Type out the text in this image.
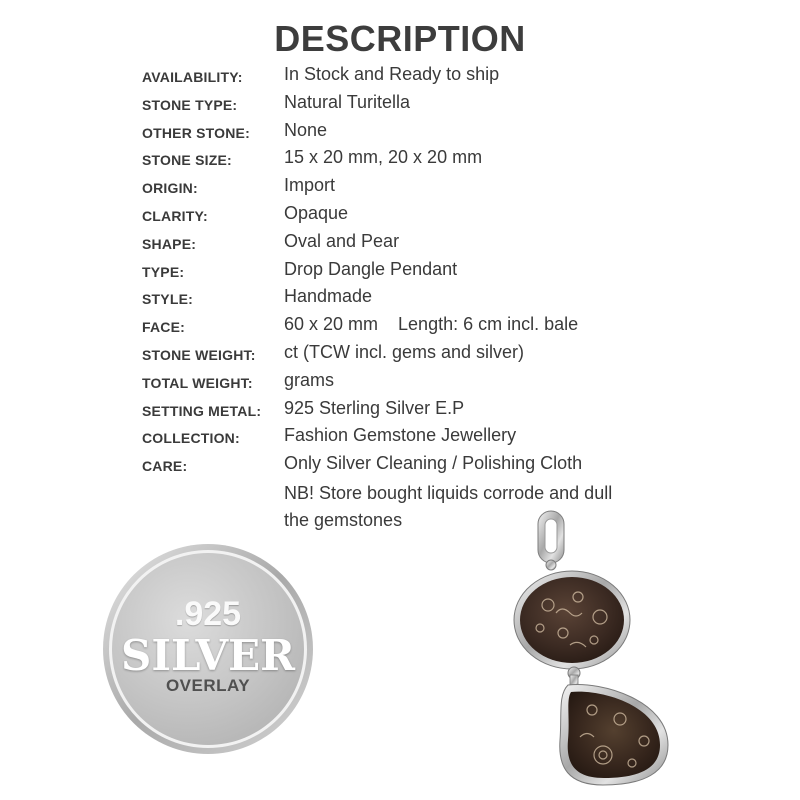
DESCRIPTION
AVAILABILITY: In Stock and Ready to ship
STONE TYPE:	Natural Turitella
OTHER STONE: None
STONE SIZE:	15 x 20 mm, 20 x 20 mm
ORIGIN:	Import
CLARITY:	Opaque
SHAPE:	Oval and Pear
TYPE:	Drop Dangle Pendant
STYLE:	Handmade
FACE:	60 x 20 mm    Length: 6 cm incl. bale
STONE WEIGHT: ct (TCW incl. gems and silver)
TOTAL WEIGHT: grams
SETTING METAL: 925 Sterling Silver E.P
COLLECTION: Fashion Gemstone Jewellery
CARE:	Only Silver Cleaning / Polishing Cloth
NB! Store bought liquids corrode and dull
the gemstones
.925
SILVER
OVERLAY
